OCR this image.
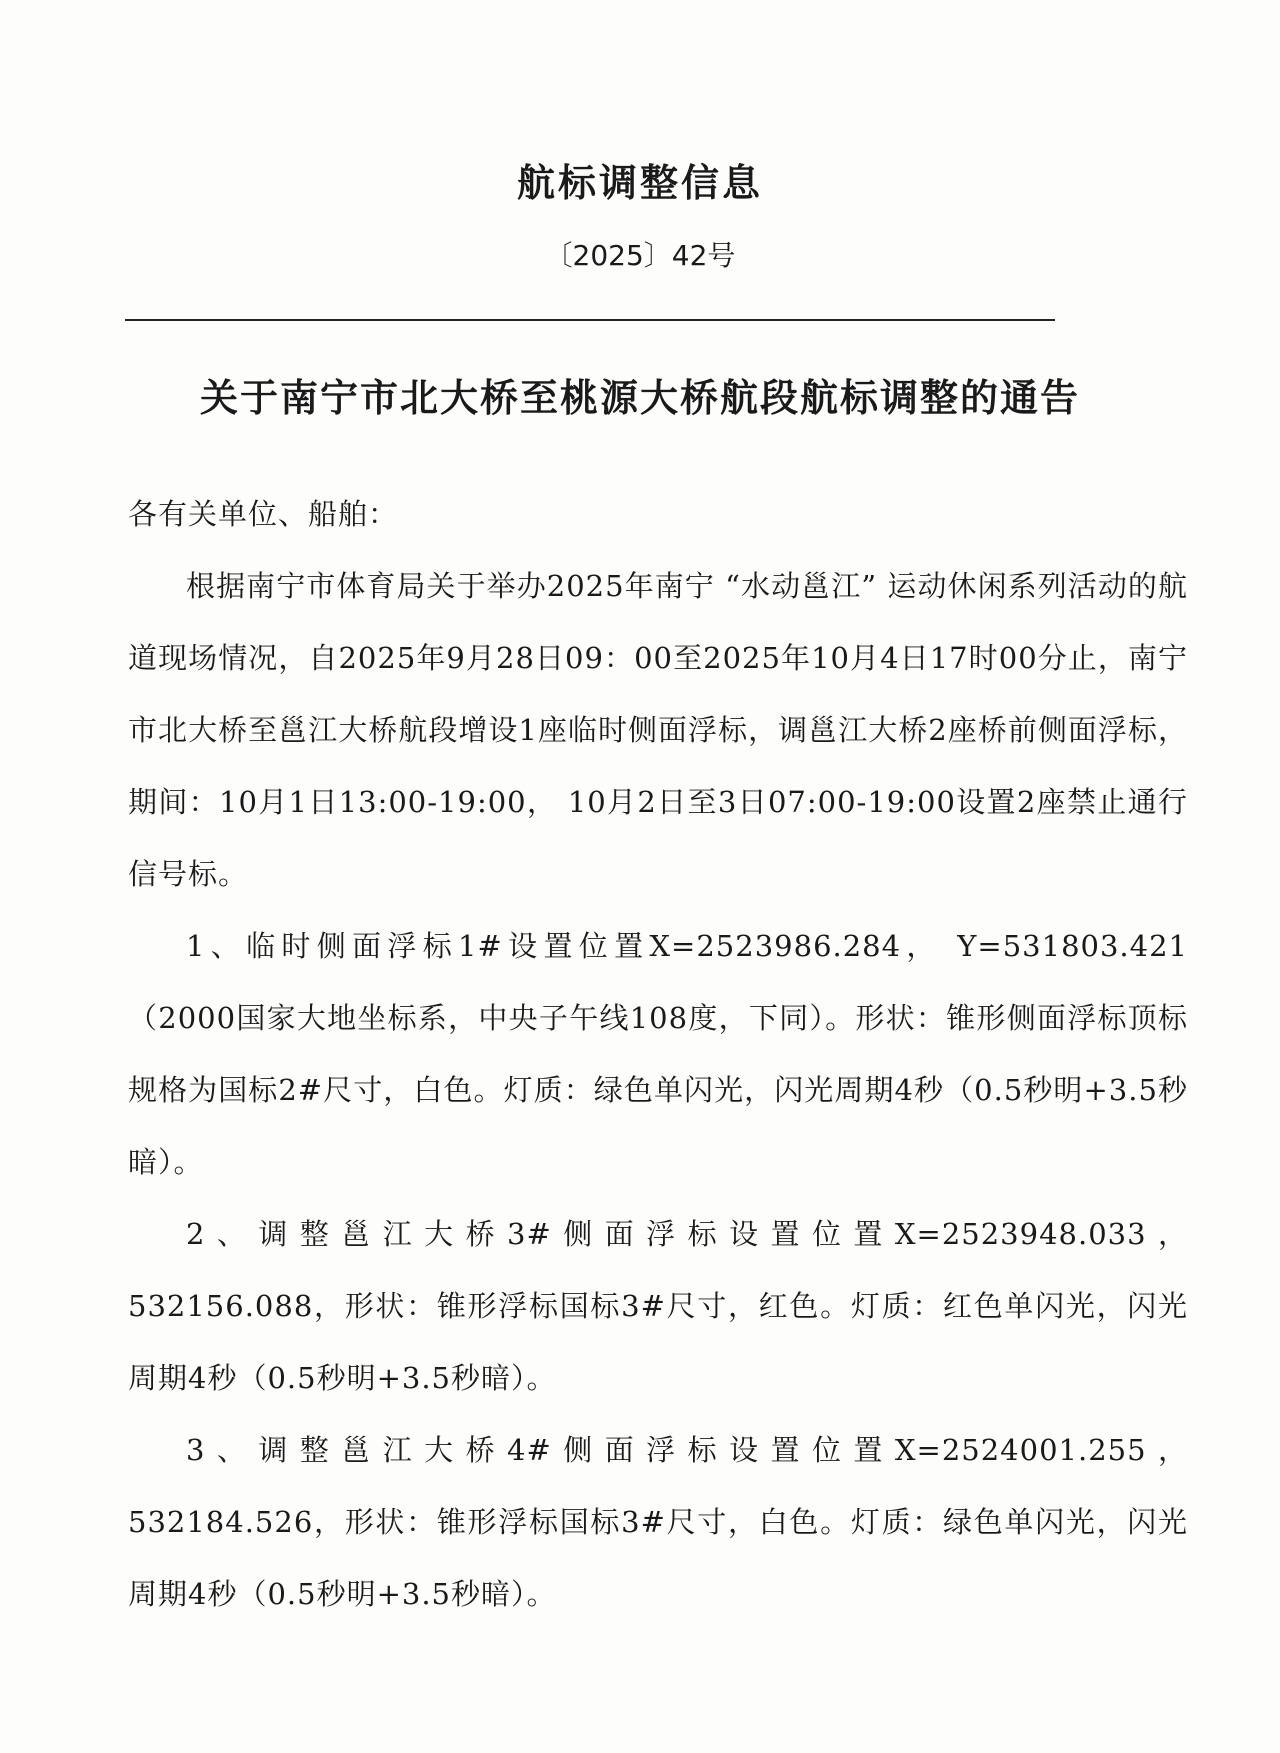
航标调整信息
〔2025〕42号
关于南宁市北大桥至桃源大桥航段航标调整的通告

各有关单位、船舶：

根据南宁市体育局关于举办2025年南宁 “水动邕江” 运动休闲系列活动的航道现场情况，自2025年9月28日09：00至2025年10月4日17时00分止，南宁市北大桥至邕江大桥航段增设1座临时侧面浮标，调邕江大桥2座桥前侧面浮标，期间：10月1日13:00-19:00， 10月2日至3日07:00-19:00设置2座禁止通行信号标。

1、临时侧面浮标1#设置位置X=2523986.284， Y=531803.421（2000国家大地坐标系，中央子午线108度，下同）。形状：锥形侧面浮标顶标规格为国标2#尺寸，白色。灯质：绿色单闪光，闪光周期4秒（0.5秒明+3.5秒暗）。

2、调整邕江大桥3#侧面浮标设置位置X=2523948.033，532156.088，形状：锥形浮标国标3#尺寸，红色。灯质：红色单闪光，闪光周期4秒（0.5秒明+3.5秒暗）。

3、调整邕江大桥4#侧面浮标设置位置X=2524001.255，532184.526，形状：锥形浮标国标3#尺寸，白色。灯质：绿色单闪光，闪光周期4秒（0.5秒明+3.5秒暗）。
